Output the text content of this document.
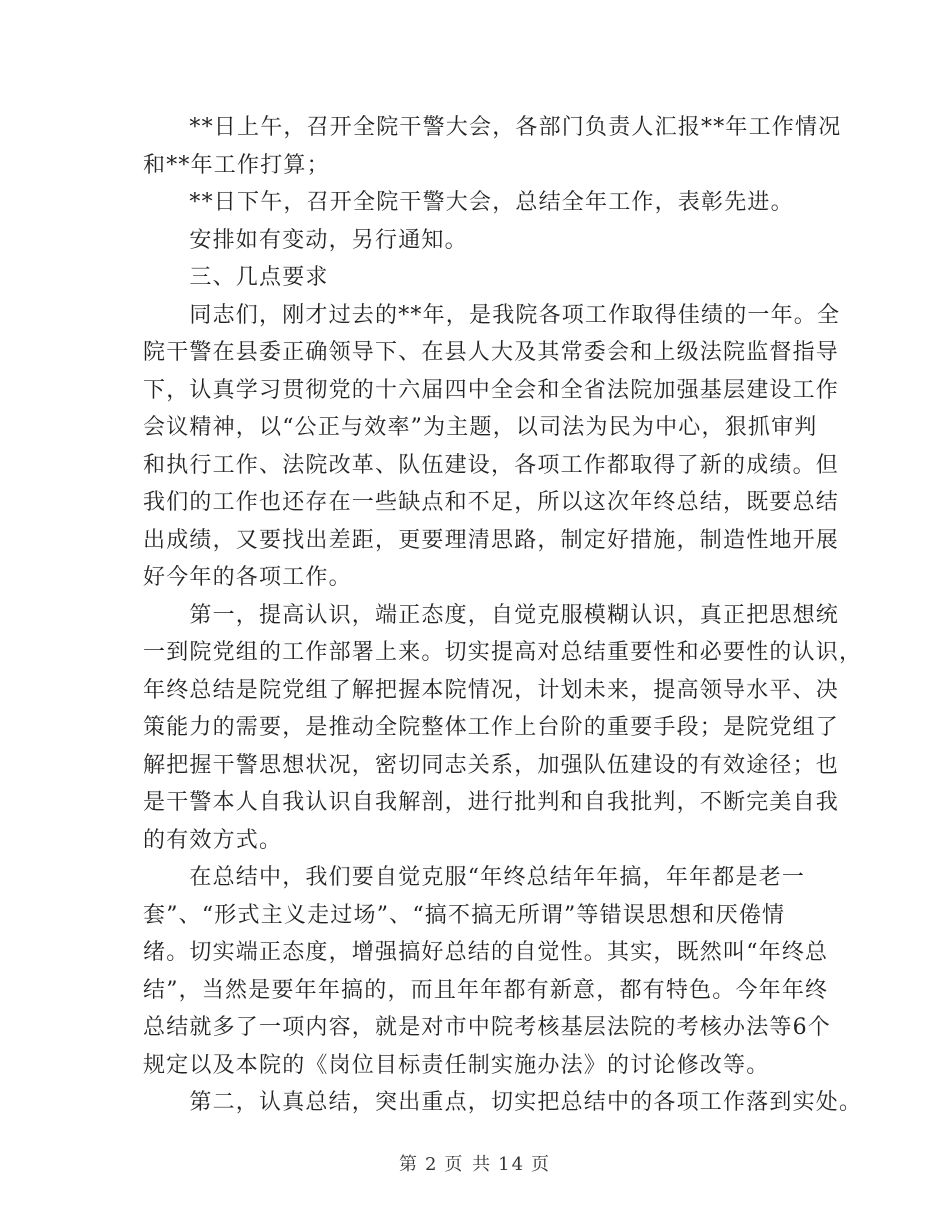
　　**日上午，召开全院干警大会，各部门负责人汇报**年工作情况
和**年工作打算；
　　**日下午，召开全院干警大会，总结全年工作，表彰先进。
　　安排如有变动，另行通知。
　　三、几点要求
　　同志们，刚才过去的**年，是我院各项工作取得佳绩的一年。全
院干警在县委正确领导下、在县人大及其常委会和上级法院监督指导
下，认真学习贯彻党的十六届四中全会和全省法院加强基层建设工作
会议精神，以“公正与效率”为主题，以司法为民为中心，狠抓审判
和执行工作、法院改革、队伍建设，各项工作都取得了新的成绩。但
我们的工作也还存在一些缺点和不足，所以这次年终总结，既要总结
出成绩，又要找出差距，更要理清思路，制定好措施，制造性地开展
好今年的各项工作。
　　第一，提高认识，端正态度，自觉克服模糊认识，真正把思想统
一到院党组的工作部署上来。切实提高对总结重要性和必要性的认识，
年终总结是院党组了解把握本院情况，计划未来，提高领导水平、决
策能力的需要，是推动全院整体工作上台阶的重要手段；是院党组了
解把握干警思想状况，密切同志关系，加强队伍建设的有效途径；也
是干警本人自我认识自我解剖，进行批判和自我批判，不断完美自我
的有效方式。
　　在总结中，我们要自觉克服“年终总结年年搞，年年都是老一
套”、“形式主义走过场”、“搞不搞无所谓”等错误思想和厌倦情
绪。切实端正态度，增强搞好总结的自觉性。其实，既然叫“年终总
结”，当然是要年年搞的，而且年年都有新意，都有特色。今年年终
总结就多了一项内容，就是对市中院考核基层法院的考核办法等6个
规定以及本院的《岗位目标责任制实施办法》的讨论修改等。
　　第二，认真总结，突出重点，切实把总结中的各项工作落到实处。
第 2 页 共 14 页
